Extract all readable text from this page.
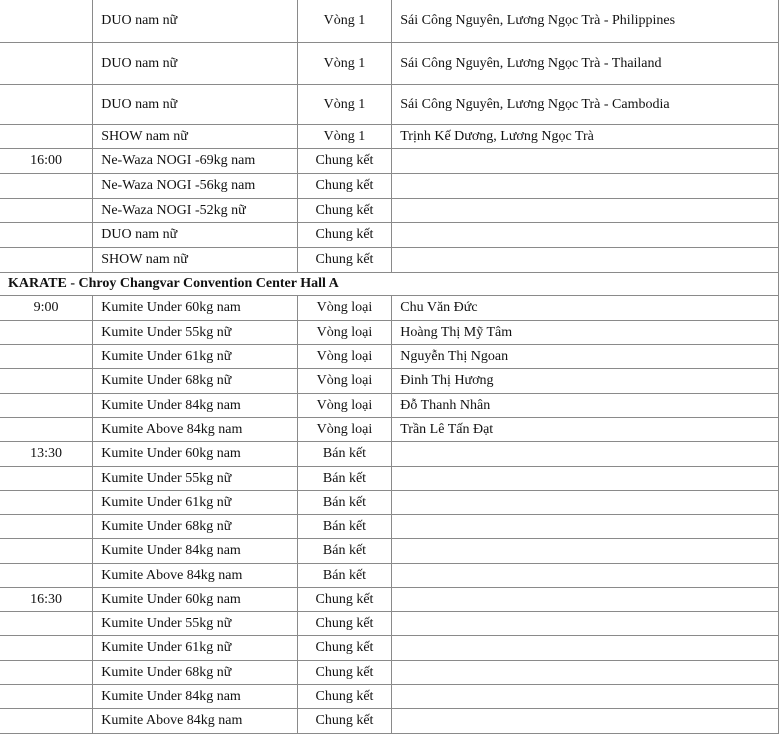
	DUO nam nữ	Vòng 1	Sái Công Nguyên, Lương Ngọc Trà - Philippines
	DUO nam nữ	Vòng 1	Sái Công Nguyên, Lương Ngọc Trà - Thailand
	DUO nam nữ	Vòng 1	Sái Công Nguyên, Lương Ngọc Trà - Cambodia
	SHOW nam nữ	Vòng 1	Trịnh Kế Dương, Lương Ngọc Trà
16:00	Ne-Waza NOGI -69kg nam	Chung kết	
	Ne-Waza NOGI -56kg nam	Chung kết	
	Ne-Waza NOGI -52kg nữ	Chung kết	
	DUO nam nữ	Chung kết	
	SHOW nam nữ	Chung kết	
KARATE - Chroy Changvar Convention Center Hall A			
9:00	Kumite Under 60kg nam	Vòng loại	Chu Văn Đức
	Kumite Under 55kg nữ	Vòng loại	Hoàng Thị Mỹ Tâm
	Kumite Under 61kg nữ	Vòng loại	Nguyễn Thị Ngoan
	Kumite Under 68kg nữ	Vòng loại	Đinh Thị Hương
	Kumite Under 84kg nam	Vòng loại	Đỗ Thanh Nhân
	Kumite Above 84kg nam	Vòng loại	Trần Lê Tấn Đạt
13:30	Kumite Under 60kg nam	Bán kết	
	Kumite Under 55kg nữ	Bán kết	
	Kumite Under 61kg nữ	Bán kết	
	Kumite Under 68kg nữ	Bán kết	
	Kumite Under 84kg nam	Bán kết	
	Kumite Above 84kg nam	Bán kết	
16:30	Kumite Under 60kg nam	Chung kết	
	Kumite Under 55kg nữ	Chung kết	
	Kumite Under 61kg nữ	Chung kết	
	Kumite Under 68kg nữ	Chung kết	
	Kumite Under 84kg nam	Chung kết	
	Kumite Above 84kg nam	Chung kết	
